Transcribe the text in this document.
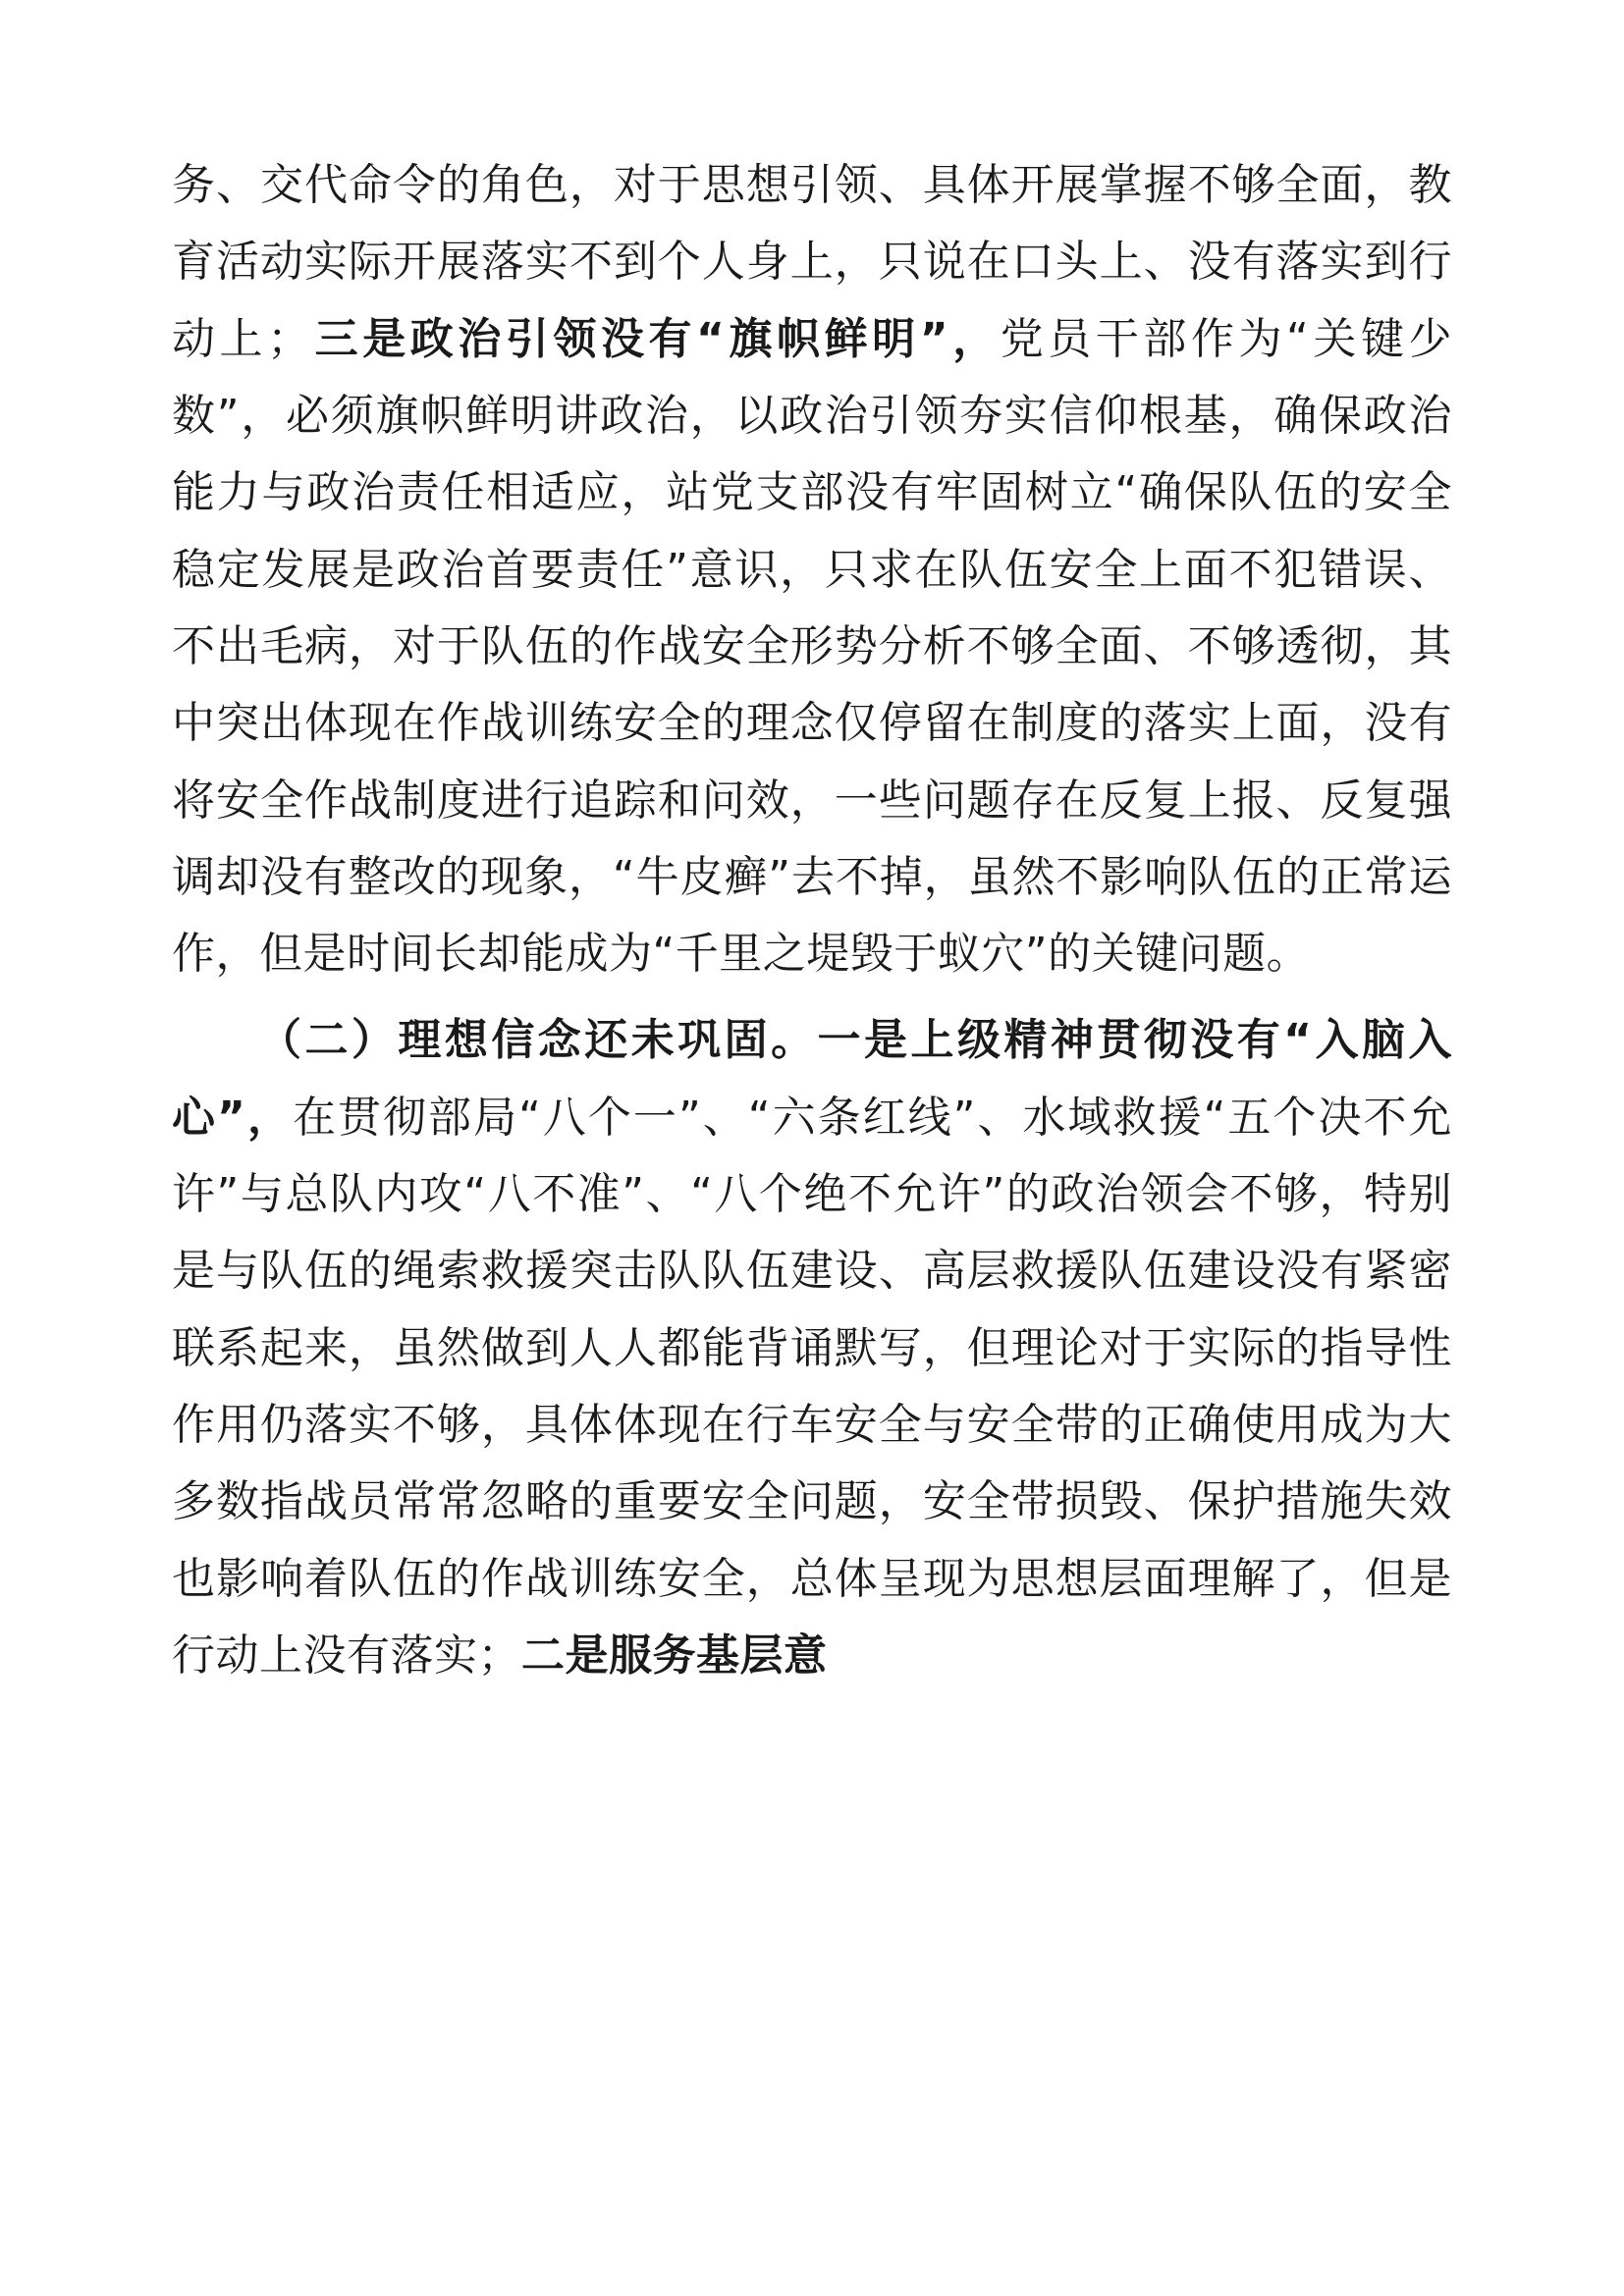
务、交代命令的角色，对于思想引领、具体开展掌握不够全面，教育活动实际开展落实不到个人身上，只说在口头上、没有落实到行动上；三是政治引领没有“旗帜鲜明”，党员干部作为“关键少数”，必须旗帜鲜明讲政治，以政治引领夯实信仰根基，确保政治能力与政治责任相适应，站党支部没有牢固树立“确保队伍的安全稳定发展是政治首要责任”意识，只求在队伍安全上面不犯错误、不出毛病，对于队伍的作战安全形势分析不够全面、不够透彻，其中突出体现在作战训练安全的理念仅停留在制度的落实上面，没有将安全作战制度进行追踪和问效，一些问题存在反复上报、反复强调却没有整改的现象，“牛皮癣”去不掉，虽然不影响队伍的正常运作，但是时间长却能成为“千里之堤毁于蚁穴”的关键问题。

（二）理想信念还未巩固。一是上级精神贯彻没有“入脑入心”，在贯彻部局“八个一”、“六条红线”、水域救援“五个决不允许”与总队内攻“八不准”、“八个绝不允许”的政治领会不够，特别是与队伍的绳索救援突击队队伍建设、高层救援队伍建设没有紧密联系起来，虽然做到人人都能背诵默写，但理论对于实际的指导性作用仍落实不够，具体体现在行车安全与安全带的正确使用成为大多数指战员常常忽略的重要安全问题，安全带损毁、保护措施失效也影响着队伍的作战训练安全，总体呈现为思想层面理解了，但是行动上没有落实；二是服务基层意
